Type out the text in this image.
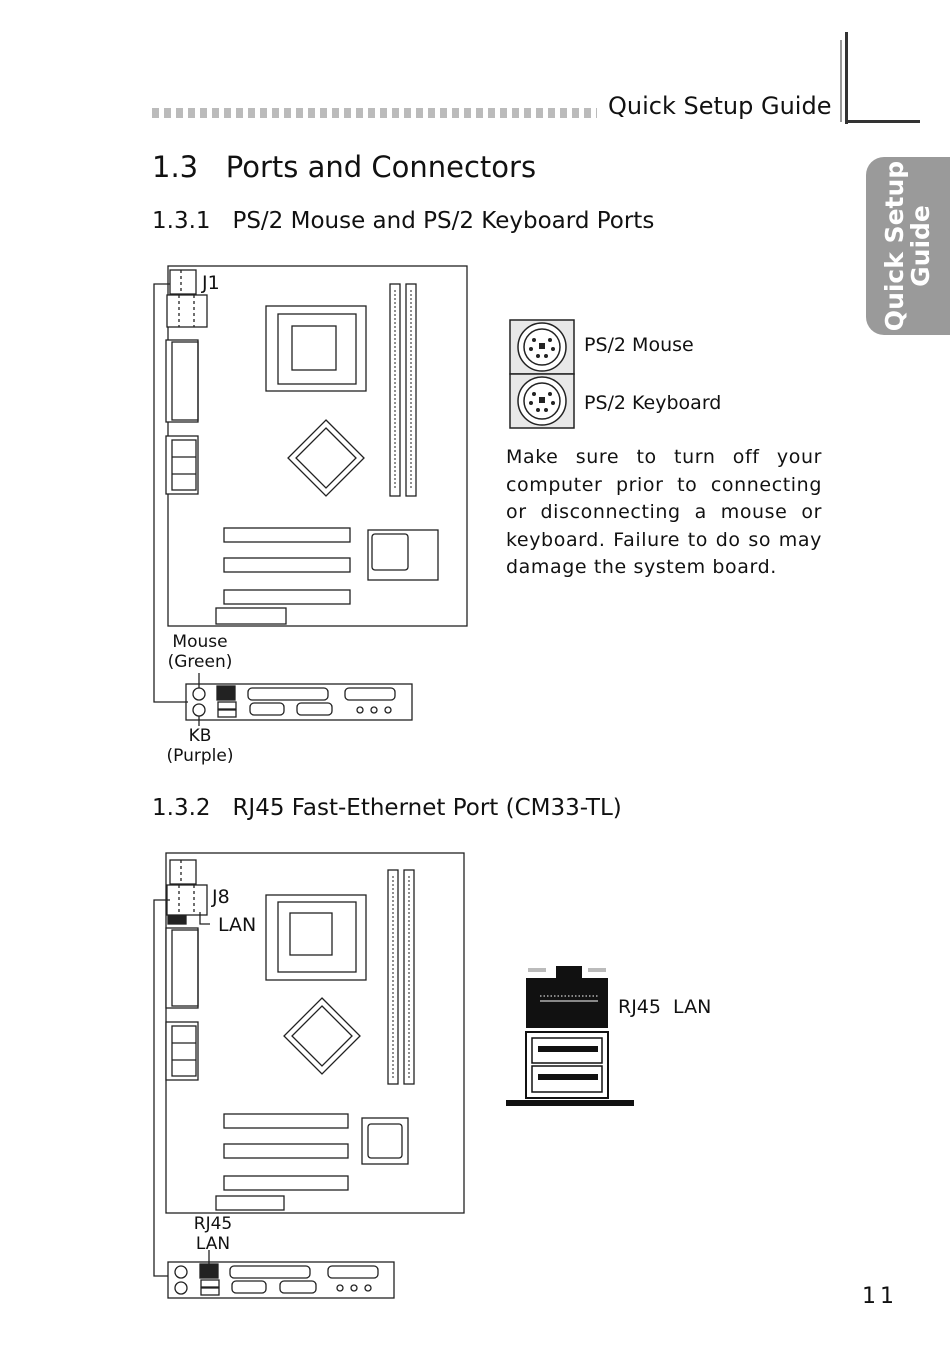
Quick Setup Guide
Quick Setup
Guide
1.3   Ports and Connectors
1.3.1   PS/2 Mouse and PS/2 Keyboard Ports
1.3.2   RJ45 Fast-Ethernet Port (CM33-TL)
J1
Mouse
(Green)
KB
(Purple)
PS/2 Mouse
PS/2 Keyboard
Make sure to turn off your computer prior to connecting or disconnecting a mouse or keyboard. Failure to do so may damage the system board.
J8
LAN
RJ45
LAN
RJ45  LAN
11
